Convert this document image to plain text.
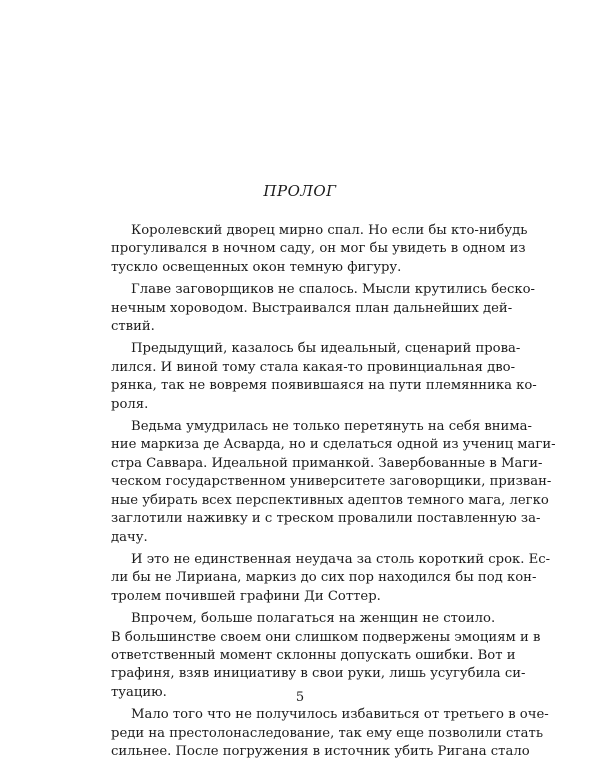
ПРОЛОГ
Королевский дворец мирно спал. Но если бы кто-нибудь
прогуливался в ночном саду, он мог бы увидеть в одном из
тускло освещенных окон темную фигуру.
Главе заговорщиков не спалось. Мысли крутились беско-
нечным хороводом. Выстраивался план дальнейших дей-
ствий.
Предыдущий, казалось бы идеальный, сценарий прова-
лился. И виной тому стала какая-то провинциальная дво-
рянка, так не вовремя появившаяся на пути племянника ко-
роля.
Ведьма умудрилась не только перетянуть на себя внима-
ние маркиза де Асварда, но и сделаться одной из учениц маги-
стра Саввара. Идеальной приманкой. Завербованные в Маги-
ческом государственном университете заговорщики, призван-
ные убирать всех перспективных адептов темного мага, легко
заглотили наживку и с треском провалили поставленную за-
дачу.
И это не единственная неудача за столь короткий срок. Ес-
ли бы не Лириана, маркиз до сих пор находился бы под кон-
тролем почившей графини Ди Соттер.
Впрочем, больше полагаться на женщин не стоило.
В большинстве своем они слишком подвержены эмоциям и в
ответственный момент склонны допускать ошибки. Вот и
графиня, взяв инициативу в свои руки, лишь усугубила си-
туацию.
Мало того что не получилось избавиться от третьего в оче-
реди на престолонаследование, так ему еще позволили стать
сильнее. После погружения в источник убить Ригана стало
5
